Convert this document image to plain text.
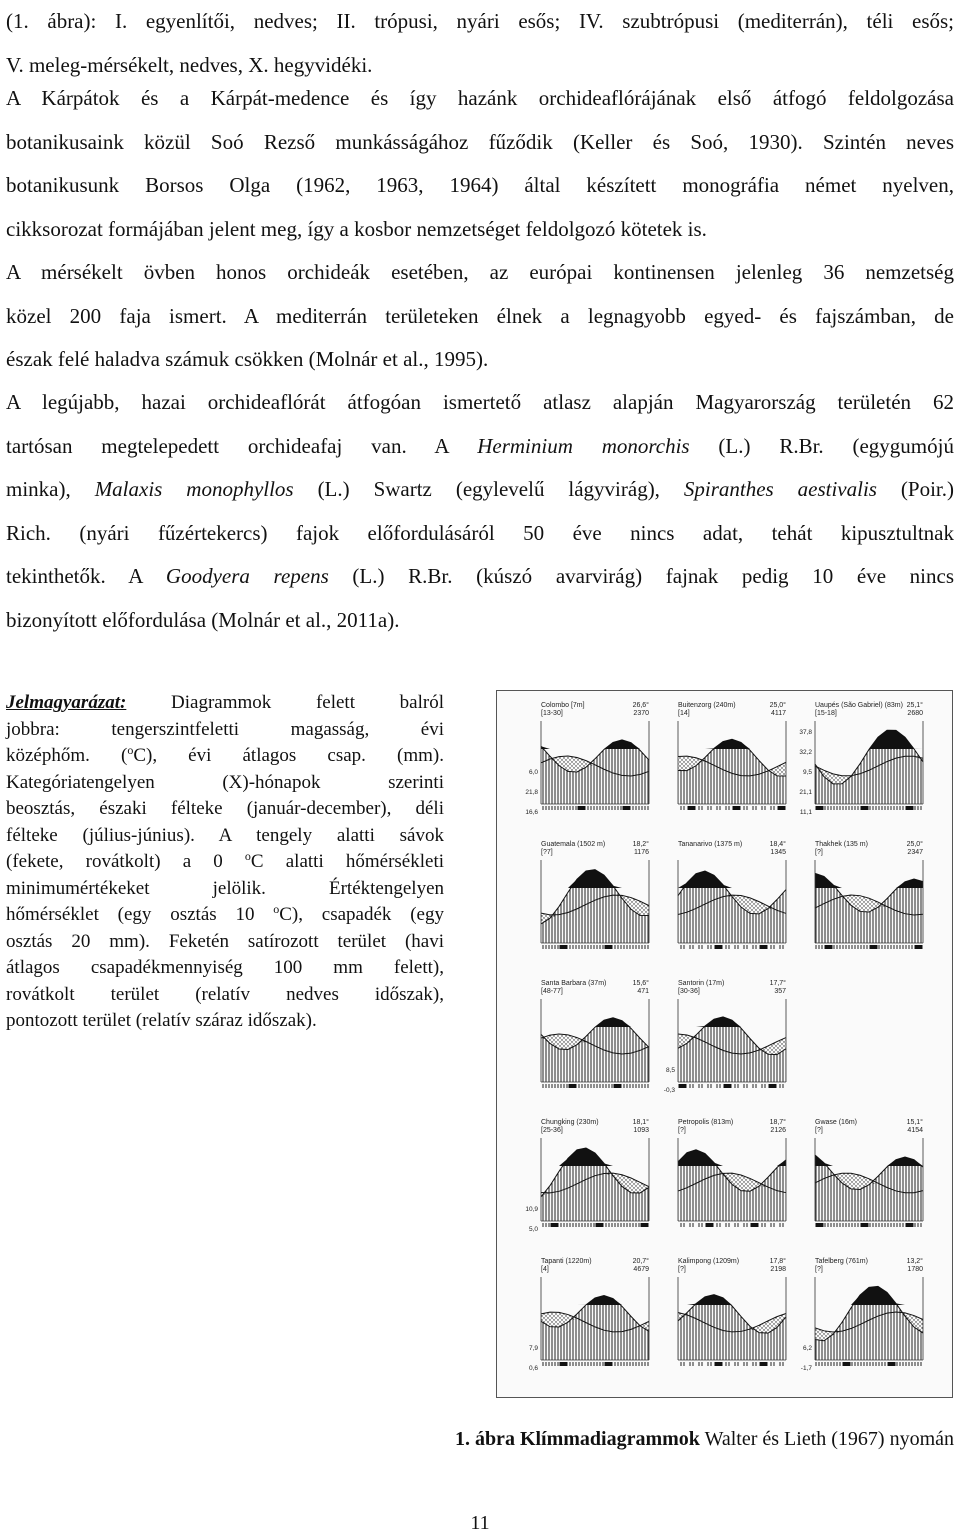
(1. ábra): I. egyenlítői, nedves; II. trópusi, nyári esős; IV. szubtrópusi (mediterrán), téli esős;
V. meleg-mérsékelt, nedves, X. hegyvidéki.
A Kárpátok és a Kárpát-medence és így hazánk orchideaflórájának első átfogó feldolgozása
botanikusaink közül Soó Rezső munkásságához fűződik (Keller és Soó, 1930). Szintén neves
botanikusunk Borsos Olga (1962, 1963, 1964) által készített monográfia német nyelven,
cikksorozat formájában jelent meg, így a kosbor nemzetséget feldolgozó kötetek is.
A mérsékelt övben honos orchideák esetében, az európai kontinensen jelenleg 36 nemzetség
közel 200 faja ismert. A mediterrán területeken élnek a legnagyobb egyed- és fajszámban, de
észak felé haladva számuk csökken (Molnár et al., 1995).
A legújabb, hazai orchideaflórát átfogóan ismertető atlasz alapján Magyarország területén 62
tartósan megtelepedett orchideafaj van. A Herminium monorchis (L.) R.Br. (egygumójú
minka), Malaxis monophyllos (L.) Swartz (egylevelű lágyvirág), Spiranthes aestivalis (Poir.)
Rich. (nyári fűzértekercs) fajok előfordulásáról 50 éve nincs adat, tehát kipusztultnak
tekinthetők. A Goodyera repens (L.) R.Br. (kúszó avarvirág) fajnak pedig 10 éve nincs
bizonyított előfordulása (Molnár et al., 2011a).
Jelmagyarázat: Diagrammok felett balról
jobbra: tengerszintfeletti magasság, évi
középhőm. ($^o$C), évi átlagos csap. (mm).
Kategóriatengelyen (X)-hónapok szerinti
beosztás, északi félteke (január-december), déli
félteke (július-június). A tengely alatti sávok
(fekete, rovátkolt) a 0 $^o$C alatti hőmérsékleti
minimumértékeket jelölik. Értéktengelyen
hőmérséklet (egy osztás 10 $^o$C), csapadék (egy
osztás 20 mm). Feketén satírozott terület (havi
átlagos csapadékmennyiség 100 mm felett),
rovátkolt terület (relatív nedves időszak),
pontozott terület (relatív száraz időszak).
Colombo [7m]
[13-30]
26,6°
2370
6,0
21,8
16,6
Buitenzorg (240m)
[14]
25,0°
4117
Uaupés (São Gabriel) (83m)
[15-18]
25,1°
2680
37,8
32,2
9,5
21,1
11,1
Guatemala (1502 m)
[?7]
18,2°
1176
Tananarivo (1375 m)	18,4°
1345
Thakhek (135 m)
[?]
25,0°
2347
Santa Barbara (37m)
[48-77]
15,6°
471
Santorin (17m)
[30-36]
17,7°
357
8,5
-0,3
Chungking (230m)
[25-36]
18,1°
1093
10,9
5,0
Petropolis (813m)
[?]
18,7°
2126
Gwase (16m)
[?]
15,1°
4154
Tapanti (1220m)
[4]
20,7°
4679
7,9
0,6
Kalimpong (1209m)
[?]
17,8°
2198
Tafelberg (761m)
[?]
13,2°
1780
6,2
-1,7
1. ábra Klímmadiagrammok Walter és Lieth (1967) nyomán
11
